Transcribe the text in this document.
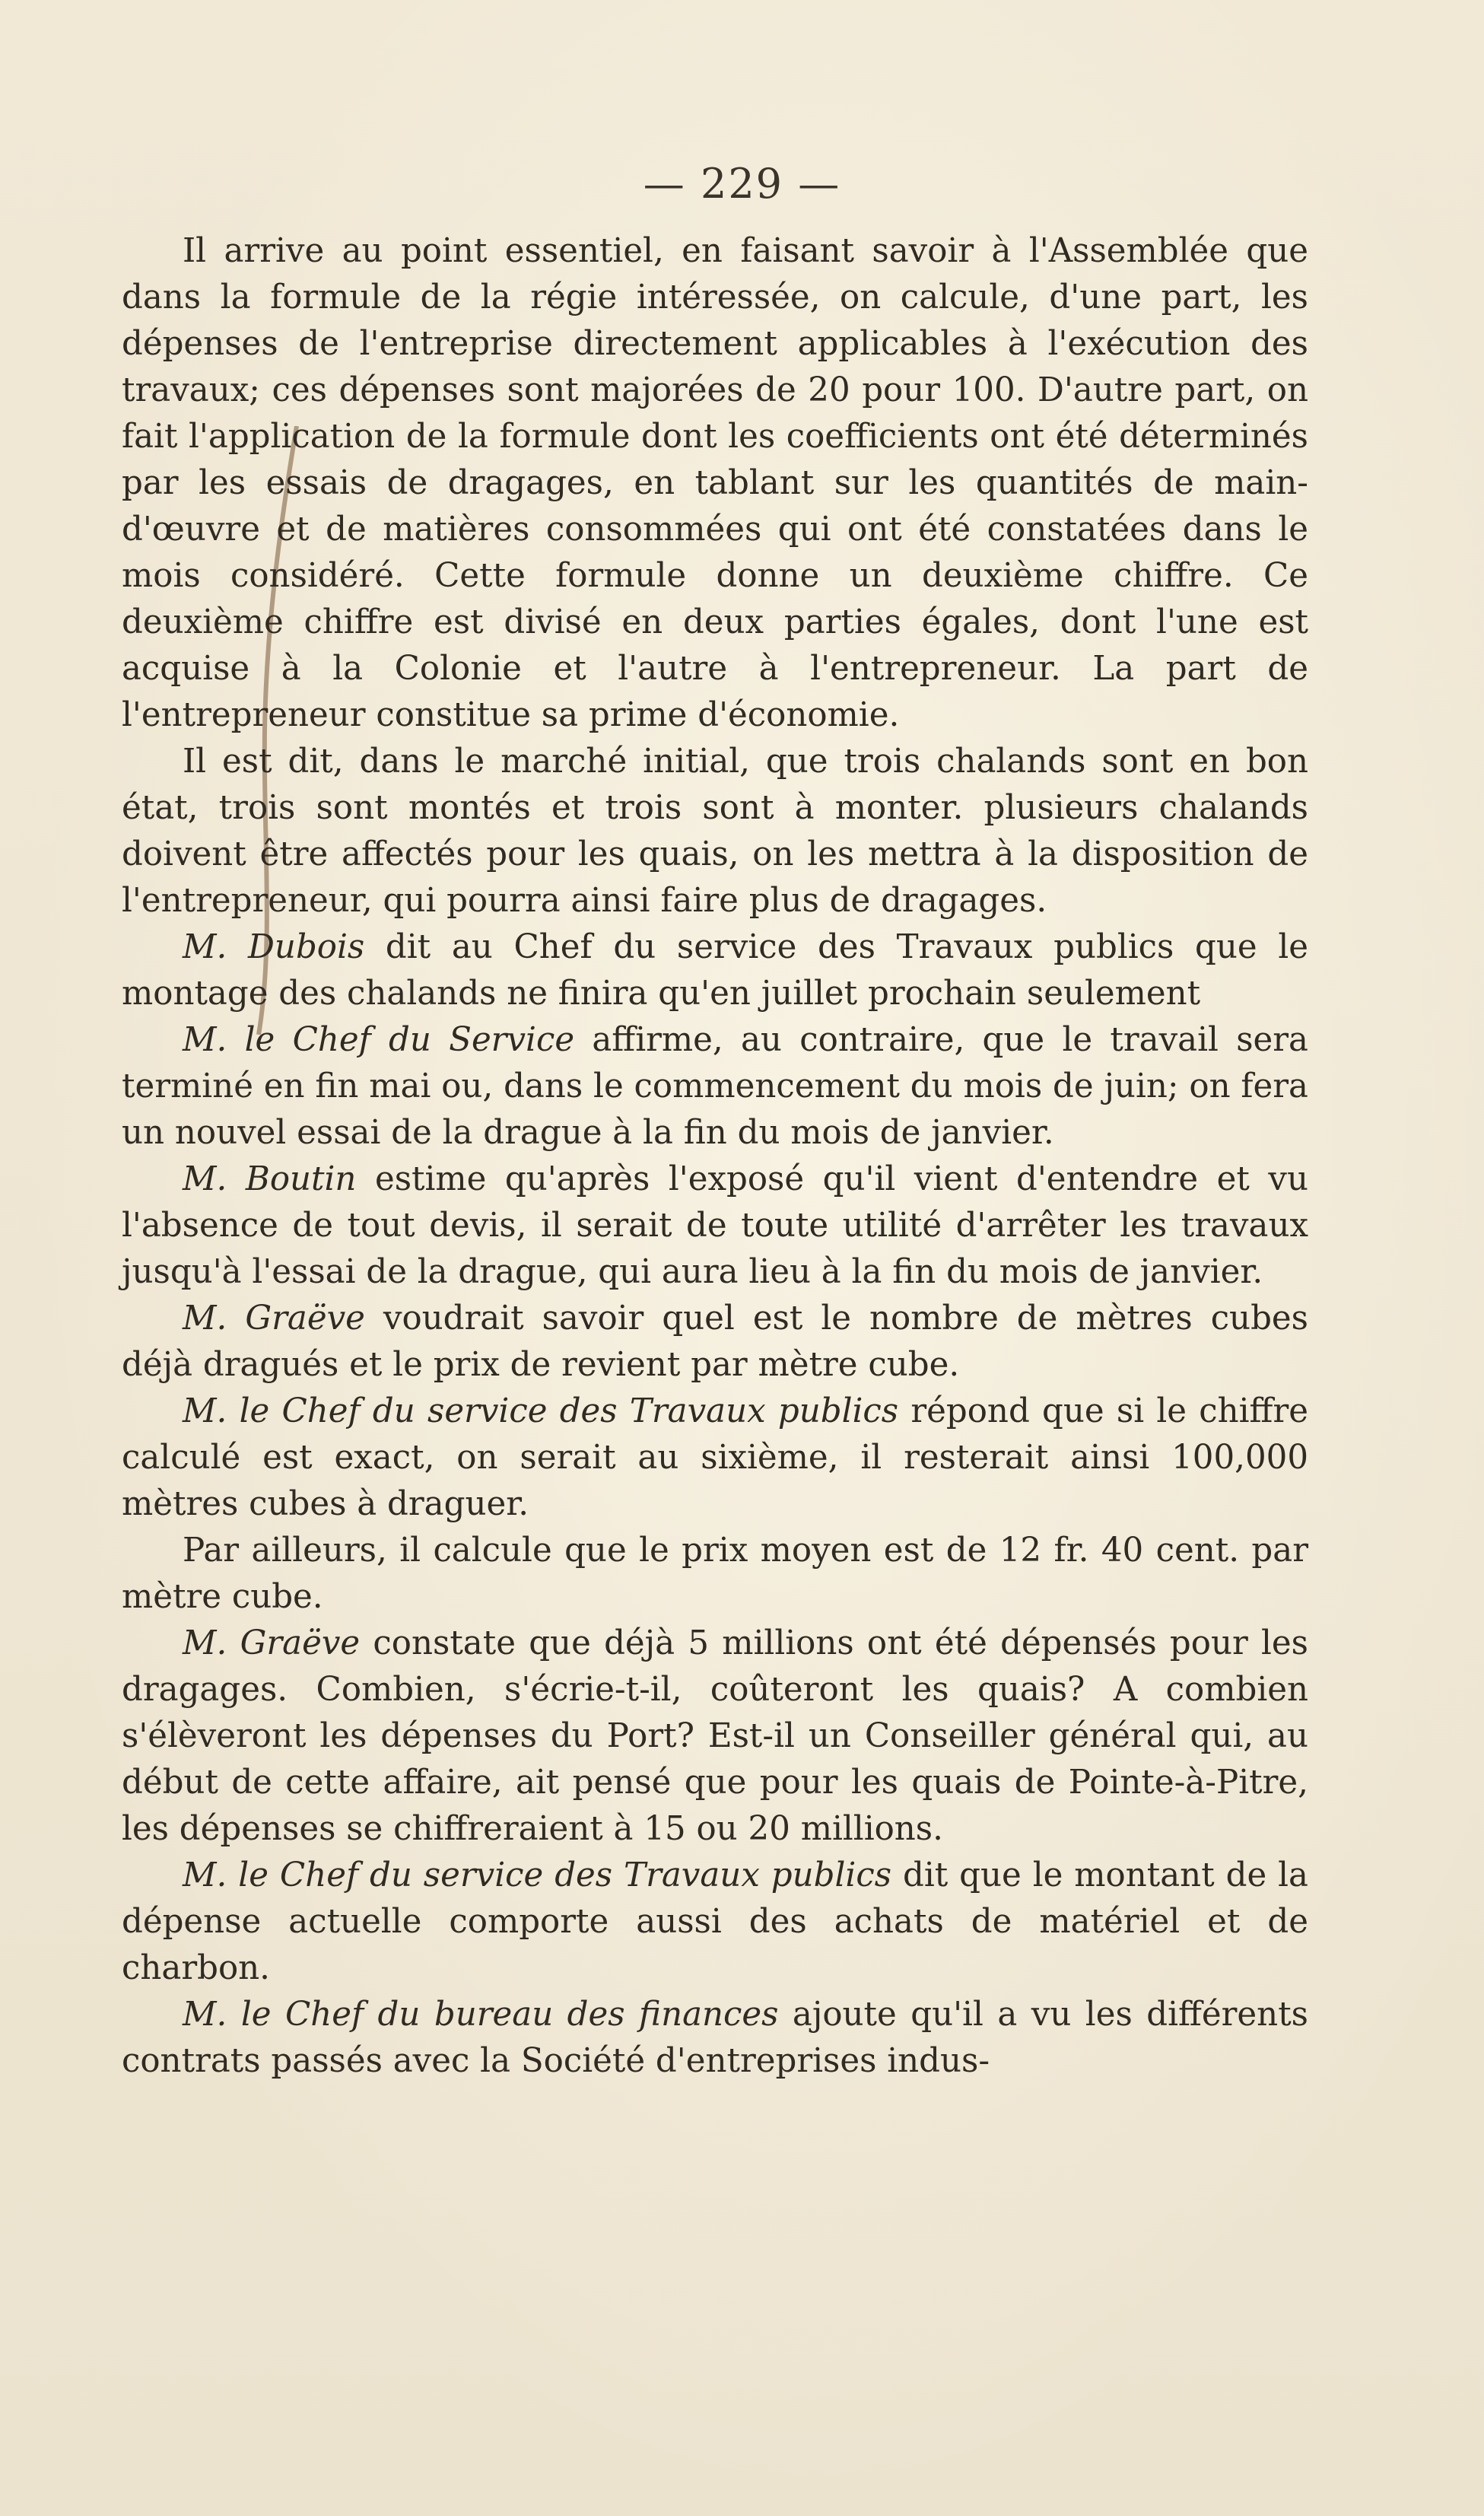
— 229 —

Il arrive au point essentiel, en faisant savoir à l'Assemblée que dans la formule de la régie intéressée, on calcule, d'une part, les dépenses de l'entreprise directement applicables à l'exécution des travaux; ces dépenses sont majorées de 20 pour 100. D'autre part, on fait l'application de la formule dont les coefficients ont été déterminés par les essais de dragages, en tablant sur les quantités de main-d'œuvre et de matières consommées qui ont été constatées dans le mois considéré. Cette formule donne un deuxième chiffre. Ce deuxième chiffre est divisé en deux parties égales, dont l'une est acquise à la Colonie et l'autre à l'entrepreneur. La part de l'entrepreneur constitue sa prime d'économie.

Il est dit, dans le marché initial, que trois chalands sont en bon état, trois sont montés et trois sont à monter. plusieurs chalands doivent être affectés pour les quais, on les mettra à la disposition de l'entrepreneur, qui pourra ainsi faire plus de dragages.

M. Dubois dit au Chef du service des Travaux publics que le montage des chalands ne finira qu'en juillet prochain seulement

M. le Chef du Service affirme, au contraire, que le travail sera terminé en fin mai ou, dans le commencement du mois de juin; on fera un nouvel essai de la drague à la fin du mois de janvier.

M. Boutin estime qu'après l'exposé qu'il vient d'entendre et vu l'absence de tout devis, il serait de toute utilité d'arrêter les travaux jusqu'à l'essai de la drague, qui aura lieu à la fin du mois de janvier.

M. Graëve voudrait savoir quel est le nombre de mètres cubes déjà dragués et le prix de revient par mètre cube.

M. le Chef du service des Travaux publics répond que si le chiffre calculé est exact, on serait au sixième, il resterait ainsi 100,000 mètres cubes à draguer.

Par ailleurs, il calcule que le prix moyen est de 12 fr. 40 cent. par mètre cube.

M. Graëve constate que déjà 5 millions ont été dépensés pour les dragages. Combien, s'écrie-t-il, coûteront les quais? A combien s'élèveront les dépenses du Port? Est-il un Conseiller général qui, au début de cette affaire, ait pensé que pour les quais de Pointe-à-Pitre, les dépenses se chiffreraient à 15 ou 20 millions.

M. le Chef du service des Travaux publics dit que le montant de la dépense actuelle comporte aussi des achats de matériel et de charbon.

M. le Chef du bureau des finances ajoute qu'il a vu les différents contrats passés avec la Société d'entreprises indus-
